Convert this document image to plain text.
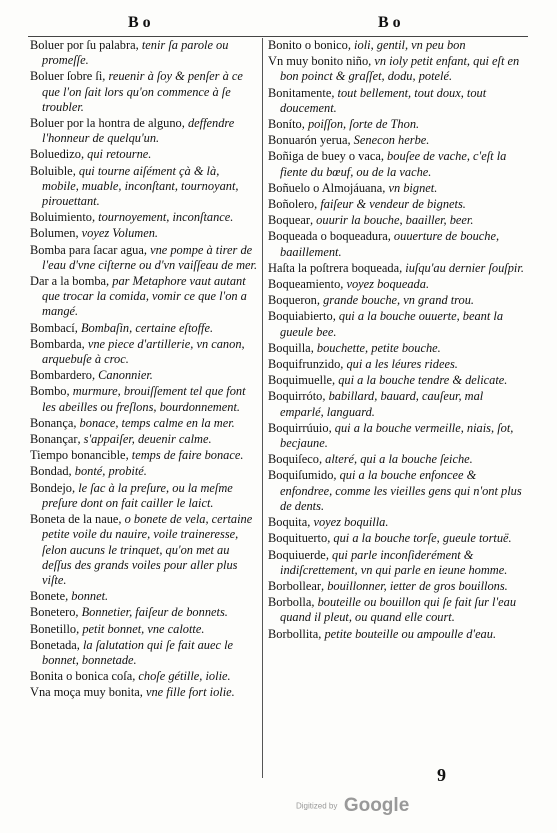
Bo	Bo
Boluer por ſu palabra, tenir ſa parole ou promeſſe.
Boluer ſobre ſi, reuenir à ſoy & penſer à ce que l'on ſait lors qu'on commence à ſe troubler.
Boluer por la hontra de alguno, deffendre l'honneur de quelqu'un.
Boluedizo, qui retourne.
Boluible, qui tourne aiſément çà & là, mobile, muable, inconſtant, tournoyant, pirouettant.
Boluimiento, tournoyement, inconſtance.
Bolumen, voyez Volumen.
Bomba para ſacar agua, vne pompe à tirer de l'eau d'vne ciſterne ou d'vn vaiſſeau de mer.
Dar a la bomba, par Metaphore vaut autant que trocar la comida, vomir ce que l'on a mangé.
Bombací, Bombaſin, certaine eſtoffe.
Bombarda, vne piece d'artillerie, vn canon, arquebuſe à croc.
Bombardero, Canonnier.
Bombo, murmure, brouiſſement tel que font les abeilles ou freſlons, bourdonnement.
Bonança, bonace, temps calme en la mer.
Bonançar, s'appaiſer, deuenir calme.
Tiempo bonancible, temps de faire bonace.
Bondad, bonté, probité.
Bondejo, le ſac à la preſure, ou la meſme preſure dont on fait cailler le laict.
Boneta de la naue, o bonete de vela, certaine petite voile du nauire, voile traineresse, ſelon aucuns le trinquet, qu'on met au deſſus des grands voiles pour aller plus viſte.
Bonete, bonnet.
Bonetero, Bonnetier, faiſeur de bonnets.
Bonetillo, petit bonnet, vne calotte.
Bonetada, la ſalutation qui ſe fait auec le bonnet, bonnetade.
Bonita o bonica coſa, choſe gétille, iolie.
Vna moça muy bonita, vne fille fort iolie.
Bonito o bonico, ioli, gentil, vn peu bon
Vn muy bonito niño, vn ioly petit enfant, qui eſt en bon poinct & graſſet, dodu, potelé.
Bonitamente, tout bellement, tout doux, tout doucement.
Boníto, poiſſon, ſorte de Thon.
Bonuarón yerua, Senecon herbe.
Boñiga de buey o vaca, bouſee de vache, c'eſt la fiente du bœuf, ou de la vache.
Boñuelo o Almojáuana, vn bignet.
Boñolero, faiſeur & vendeur de bignets.
Boquear, ouurir la bouche, baailler, beer.
Boqueada o boqueadura, ouuerture de bouche, baaillement.
Haſta la poſtrera boqueada, iuſqu'au dernier ſouſpir.
Boqueamiento, voyez boqueada.
Boqueron, grande bouche, vn grand trou.
Boquiabierto, qui a la bouche ouuerte, beant la gueule bee.
Boquilla, bouchette, petite bouche.
Boquifrunzido, qui a les léures ridees.
Boquimuelle, qui a la bouche tendre & delicate.
Boquirróto, babillard, bauard, cauſeur, mal emparlé, languard.
Boquirrúuio, qui a la bouche vermeille, niais, ſot, becjaune.
Boquiſeco, alteré, qui a la bouche ſeiche.
Boquiſumido, qui a la bouche enfoncee & enfondree, comme les vieilles gens qui n'ont plus de dents.
Boquita, voyez boquilla.
Boquituerto, qui a la bouche torſe, gueule tortuë.
Boquiuerde, qui parle inconſiderément & indiſcrettement, vn qui parle en ieune homme.
Borbollear, bouillonner, ietter de gros bouillons.
Borbolla, bouteille ou bouillon qui ſe fait ſur l'eau quand il pleut, ou quand elle court.
Borbollita, petite bouteille ou ampoulle d'eau.
9
Digitized by Google
